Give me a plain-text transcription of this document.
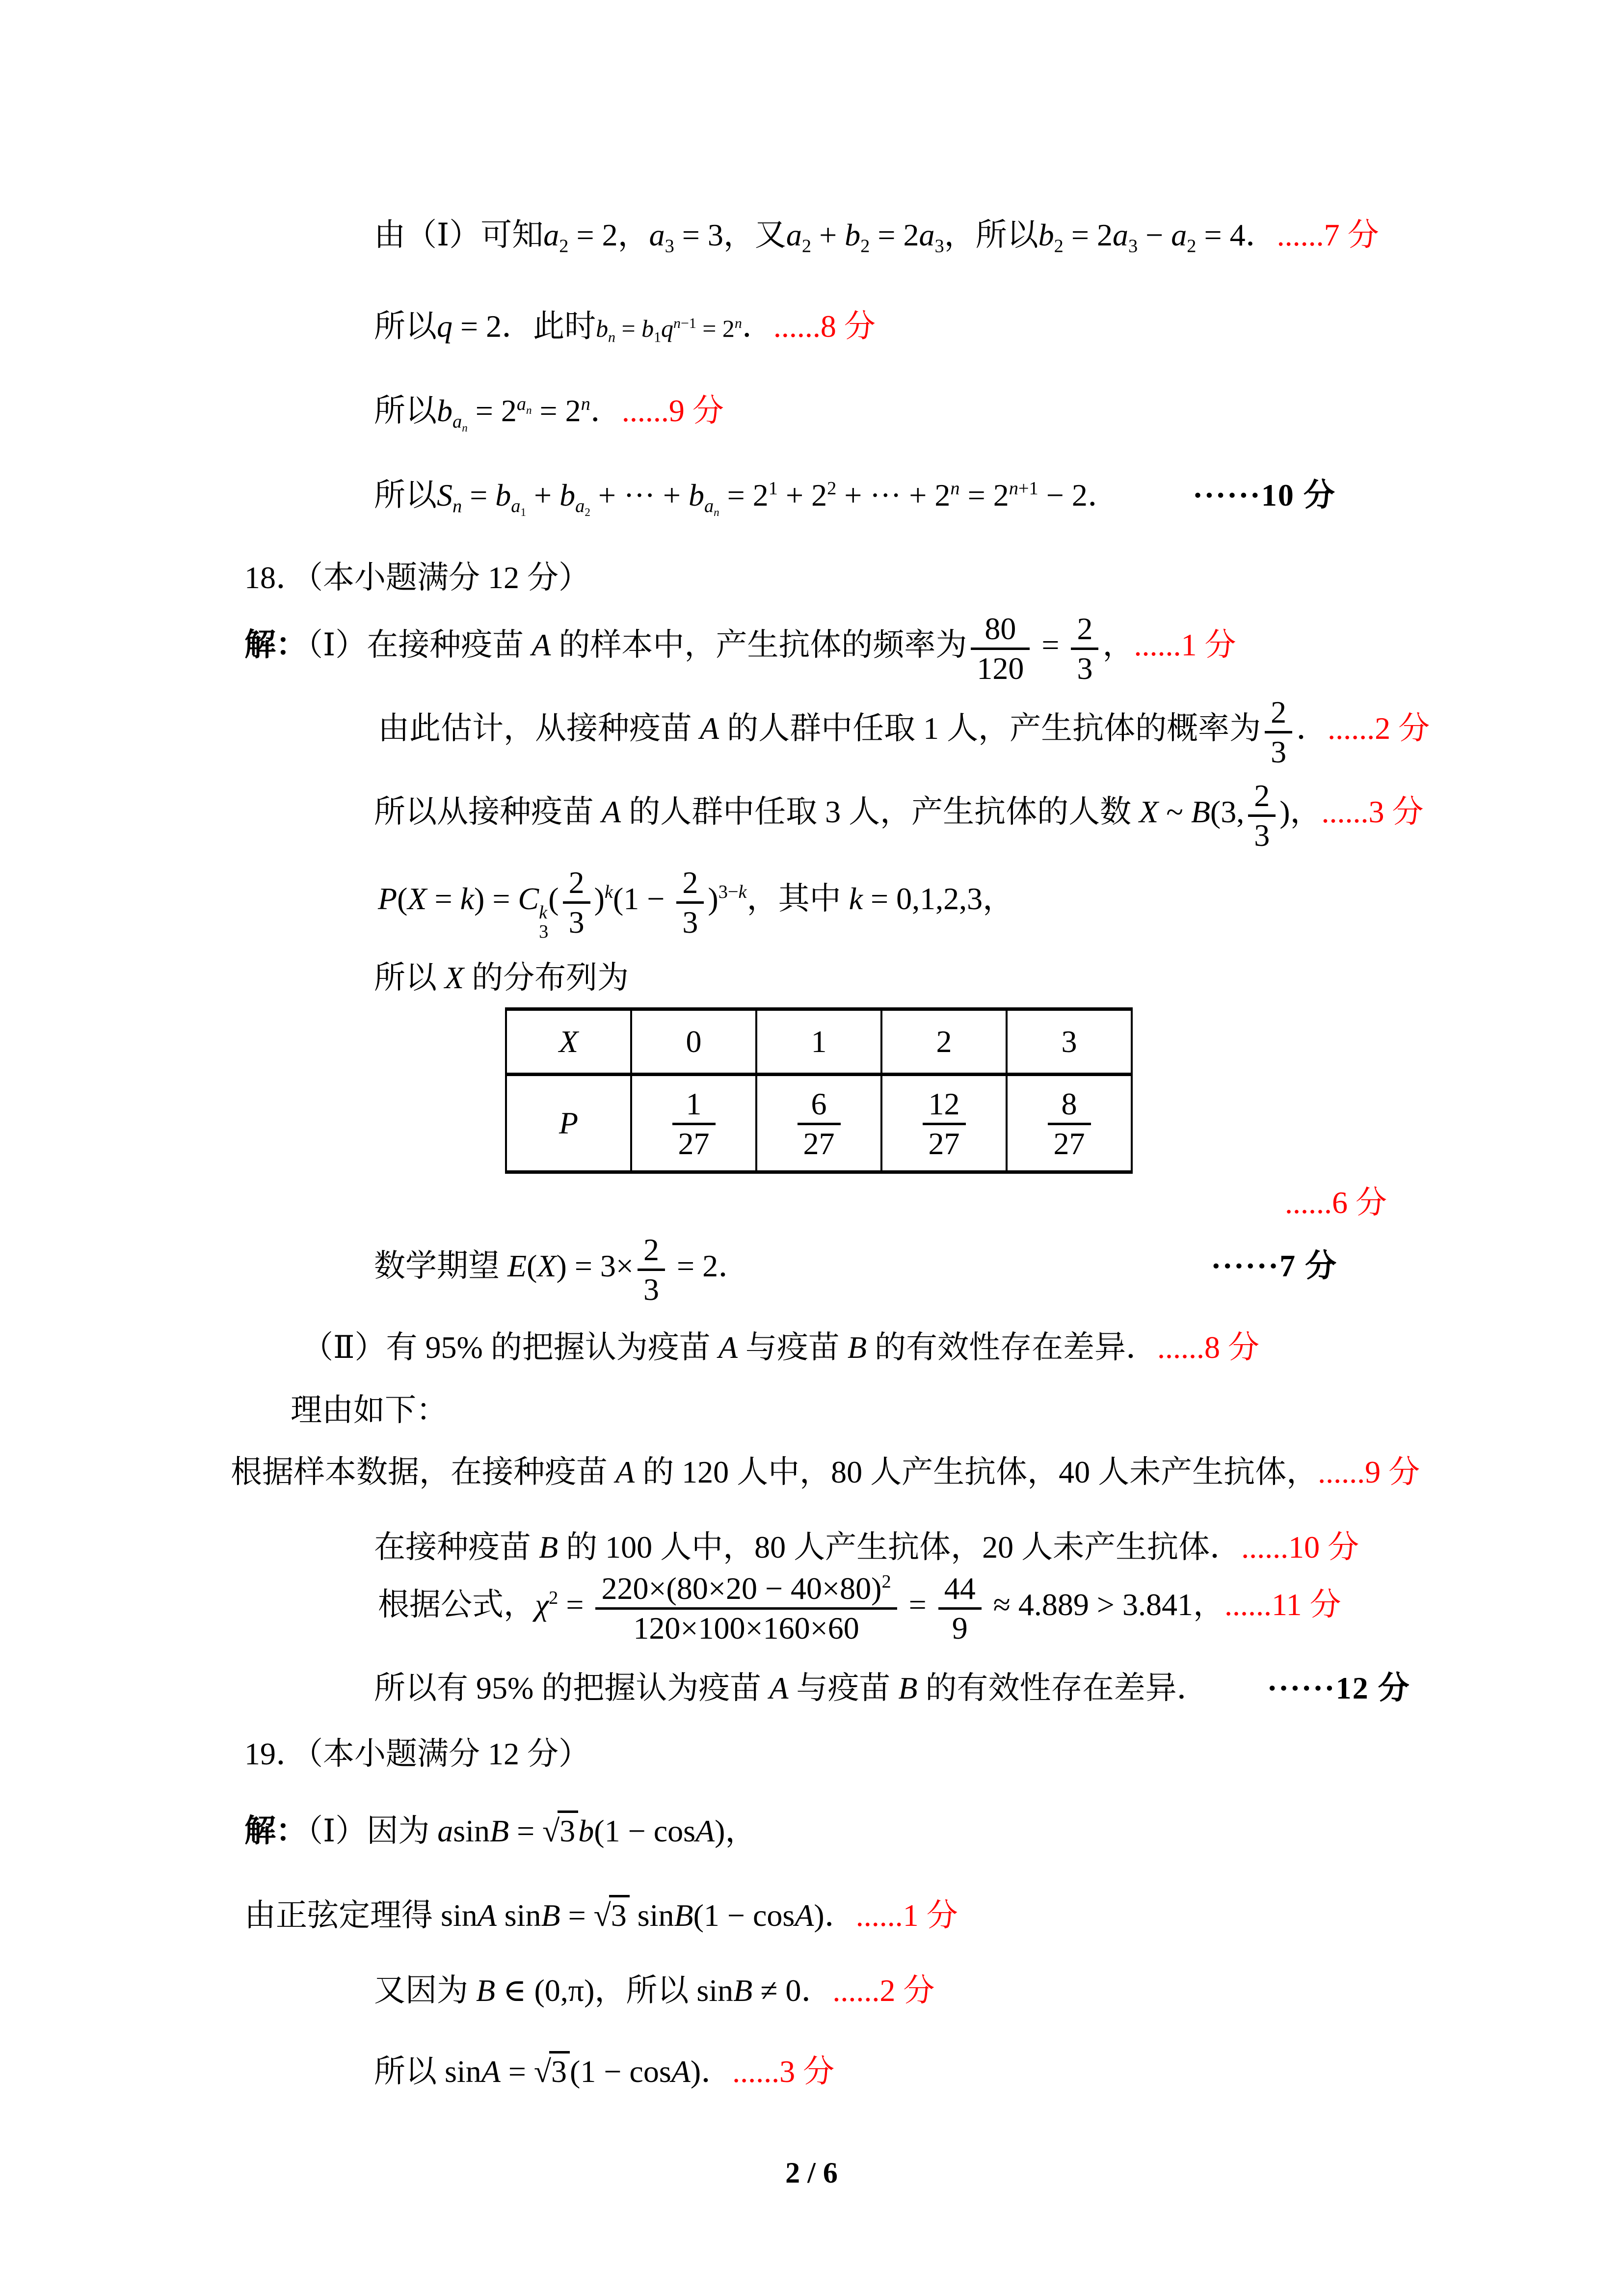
由（Ⅰ）可知$a_2 = 2$，$a_3 = 3$，又$a_2 + b_2 = 2a_3$，所以$b_2 = 2a_3 - a_2 = 4$．......7 分
所以q = 2．此时$b_n = b_1q^{n-1} = 2^n$．......8 分
所以$b_{a_n} = 2^{a_n} = 2^n$．......9 分
所以$S_n = b_{a_1} + b_{a_2}$ + ··· + $b_{a_n} = 2^1 + 2^2$ + ··· + $2^n = 2^{n+1} - 2$． ······10 分
18．（本小题满分 12 分）
解：（Ⅰ）在接种疫苗 A 的样本中，产生抗体的频率为 $\frac{80}{120} = \frac{2}{3}$ ，......1 分
由此估计，从接种疫苗 A 的人群中任取 1 人，产生抗体的概率为 $\frac{2}{3}$ ．......2 分
所以从接种疫苗 A 的人群中任取 3 人，产生抗体的人数 X ~ B(3, $\frac{2}{3}$ )，......3 分
P(X = k) = C k
3
( $\frac{2}{3} )^k(1 - \frac{2}{3} )^{3-k}$，其中 k = 0,1,2,3，
所以 X 的分布列为
......6 分
数学期望 $E(X) = 3\times \frac{2}{3} = 2$．	······7 分
（Ⅱ）有 95% 的把握认为疫苗 A 与疫苗 B 的有效性存在差异．......8 分
理由如下：
根据样本数据，在接种疫苗 A 的 120 人中，80 人产生抗体，40 人未产生抗体，......9 分
在接种疫苗 B 的 100 人中，80 人产生抗体，20 人未产生抗体．......10 分
根据公式，$\chi^2 = \frac{220\times(80\times 20 - 40\times 80)^2}{120\times 100\times 160\times 60} = \frac{44}{9} \approx 4.889 > 3.841$，......11 分
所以有 95% 的把握认为疫苗 A 与疫苗 B 的有效性存在差异． ······12 分
19．（本小题满分 12 分）
解：（Ⅰ）因为 asinB = √3b(1 − cosA)，
由正弦定理得 sinA sinB = √3 sinB(1 − cosA)．......1 分
又因为 B ∈ (0,π)，所以 sinB ≠ 0．......2 分
所以 sinA = √3(1 − cosA)．......3 分
X	0	1	2	3
P	$\frac{1}{27}$	$\frac{6}{27}$	$\frac{12}{27}$	$\frac{8}{27}$
2 / 6
